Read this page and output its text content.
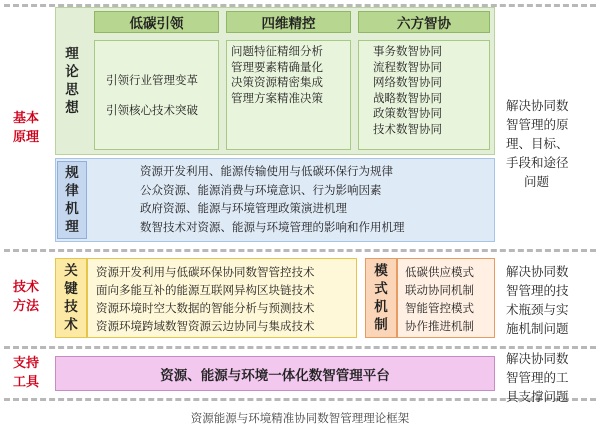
基本
原理
技术
方法
支持
工具
理
论
思
想
低碳引领	四维精控	六方智协
引领行业管理变革
引领核心技术突破
问题特征精细分析
管理要素精确量化
决策资源精密集成
管理方案精准决策
事务数智协同
流程数智协同
网络数智协同
战略数智协同
政策数智协同
技术数智协同
规
律
机
理
资源开发利用、能源传输使用与低碳环保行为规律
公众资源、能源消费与环境意识、行为影响因素
政府资源、能源与环境管理政策演进机理
数智技术对资源、能源与环境管理的影响和作用机理
关
键
技
术
资源开发利用与低碳环保协同数智管控技术
面向多能互补的能源互联网异构区块链技术
资源环境时空大数据的智能分析与预测技术
资源环境跨域数智资源云边协同与集成技术
模
式
机
制
低碳供应模式
联动协同机制
智能管控模式
协作推进机制
资源、能源与环境一体化数智管理平台
解决协同数
智管理的原
理、目标、
手段和途径
问题
解决协同数
智管理的技
术瓶颈与实
施机制问题
解决协同数
智管理的工
具支撑问题
资源能源与环境精准协同数智管理理论框架
